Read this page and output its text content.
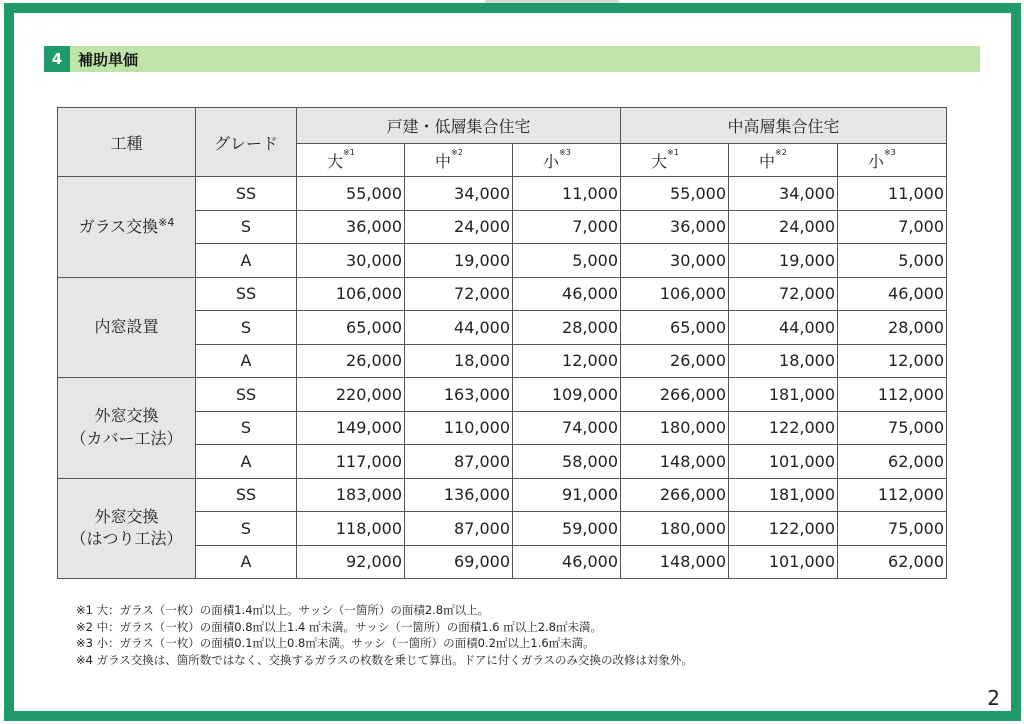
4	補助単価
工種	グレード	戸建・低層集合住宅			中高層集合住宅		
		大$^{※1}$	中$^{※2}$	小$^{※3}$	大$^{※1}$	中$^{※2}$	小$^{※3}$

ガラス交換$^{※4}$	SS	55,000	34,000	11,000	55,000	34,000	11,000
	S	36,000	24,000	7,000	36,000	24,000	7,000
	A	30,000	19,000	5,000	30,000	19,000	5,000

内窓設置	SS	106,000	72,000	46,000	106,000	72,000	46,000
	S	65,000	44,000	28,000	65,000	44,000	28,000
	A	26,000	18,000	12,000	26,000	18,000	12,000

外窓交換
（カバー工法）	SS	220,000	163,000	109,000	266,000	181,000	112,000
	S	149,000	110,000	74,000	180,000	122,000	75,000
	A	117,000	87,000	58,000	148,000	101,000	62,000

外窓交換
（はつり工法）	SS	183,000	136,000	91,000	266,000	181,000	112,000
	S	118,000	87,000	59,000	180,000	122,000	75,000
	A	92,000	69,000	46,000	148,000	101,000	62,000
※1 大：ガラス（一枚）の面積1.4㎡以上。サッシ（一箇所）の面積2.8㎡以上。
※2 中：ガラス（一枚）の面積0.8㎡以上1.4 ㎡未満。サッシ（一箇所）の面積1.6 ㎡以上2.8㎡未満。
※3 小：ガラス（一枚）の面積0.1㎡以上0.8㎡未満。サッシ（一箇所）の面積0.2㎡以上1.6㎡未満。
※4 ガラス交換は、箇所数ではなく、交換するガラスの枚数を乗じて算出。ドアに付くガラスのみ交換の改修は対象外。
2
